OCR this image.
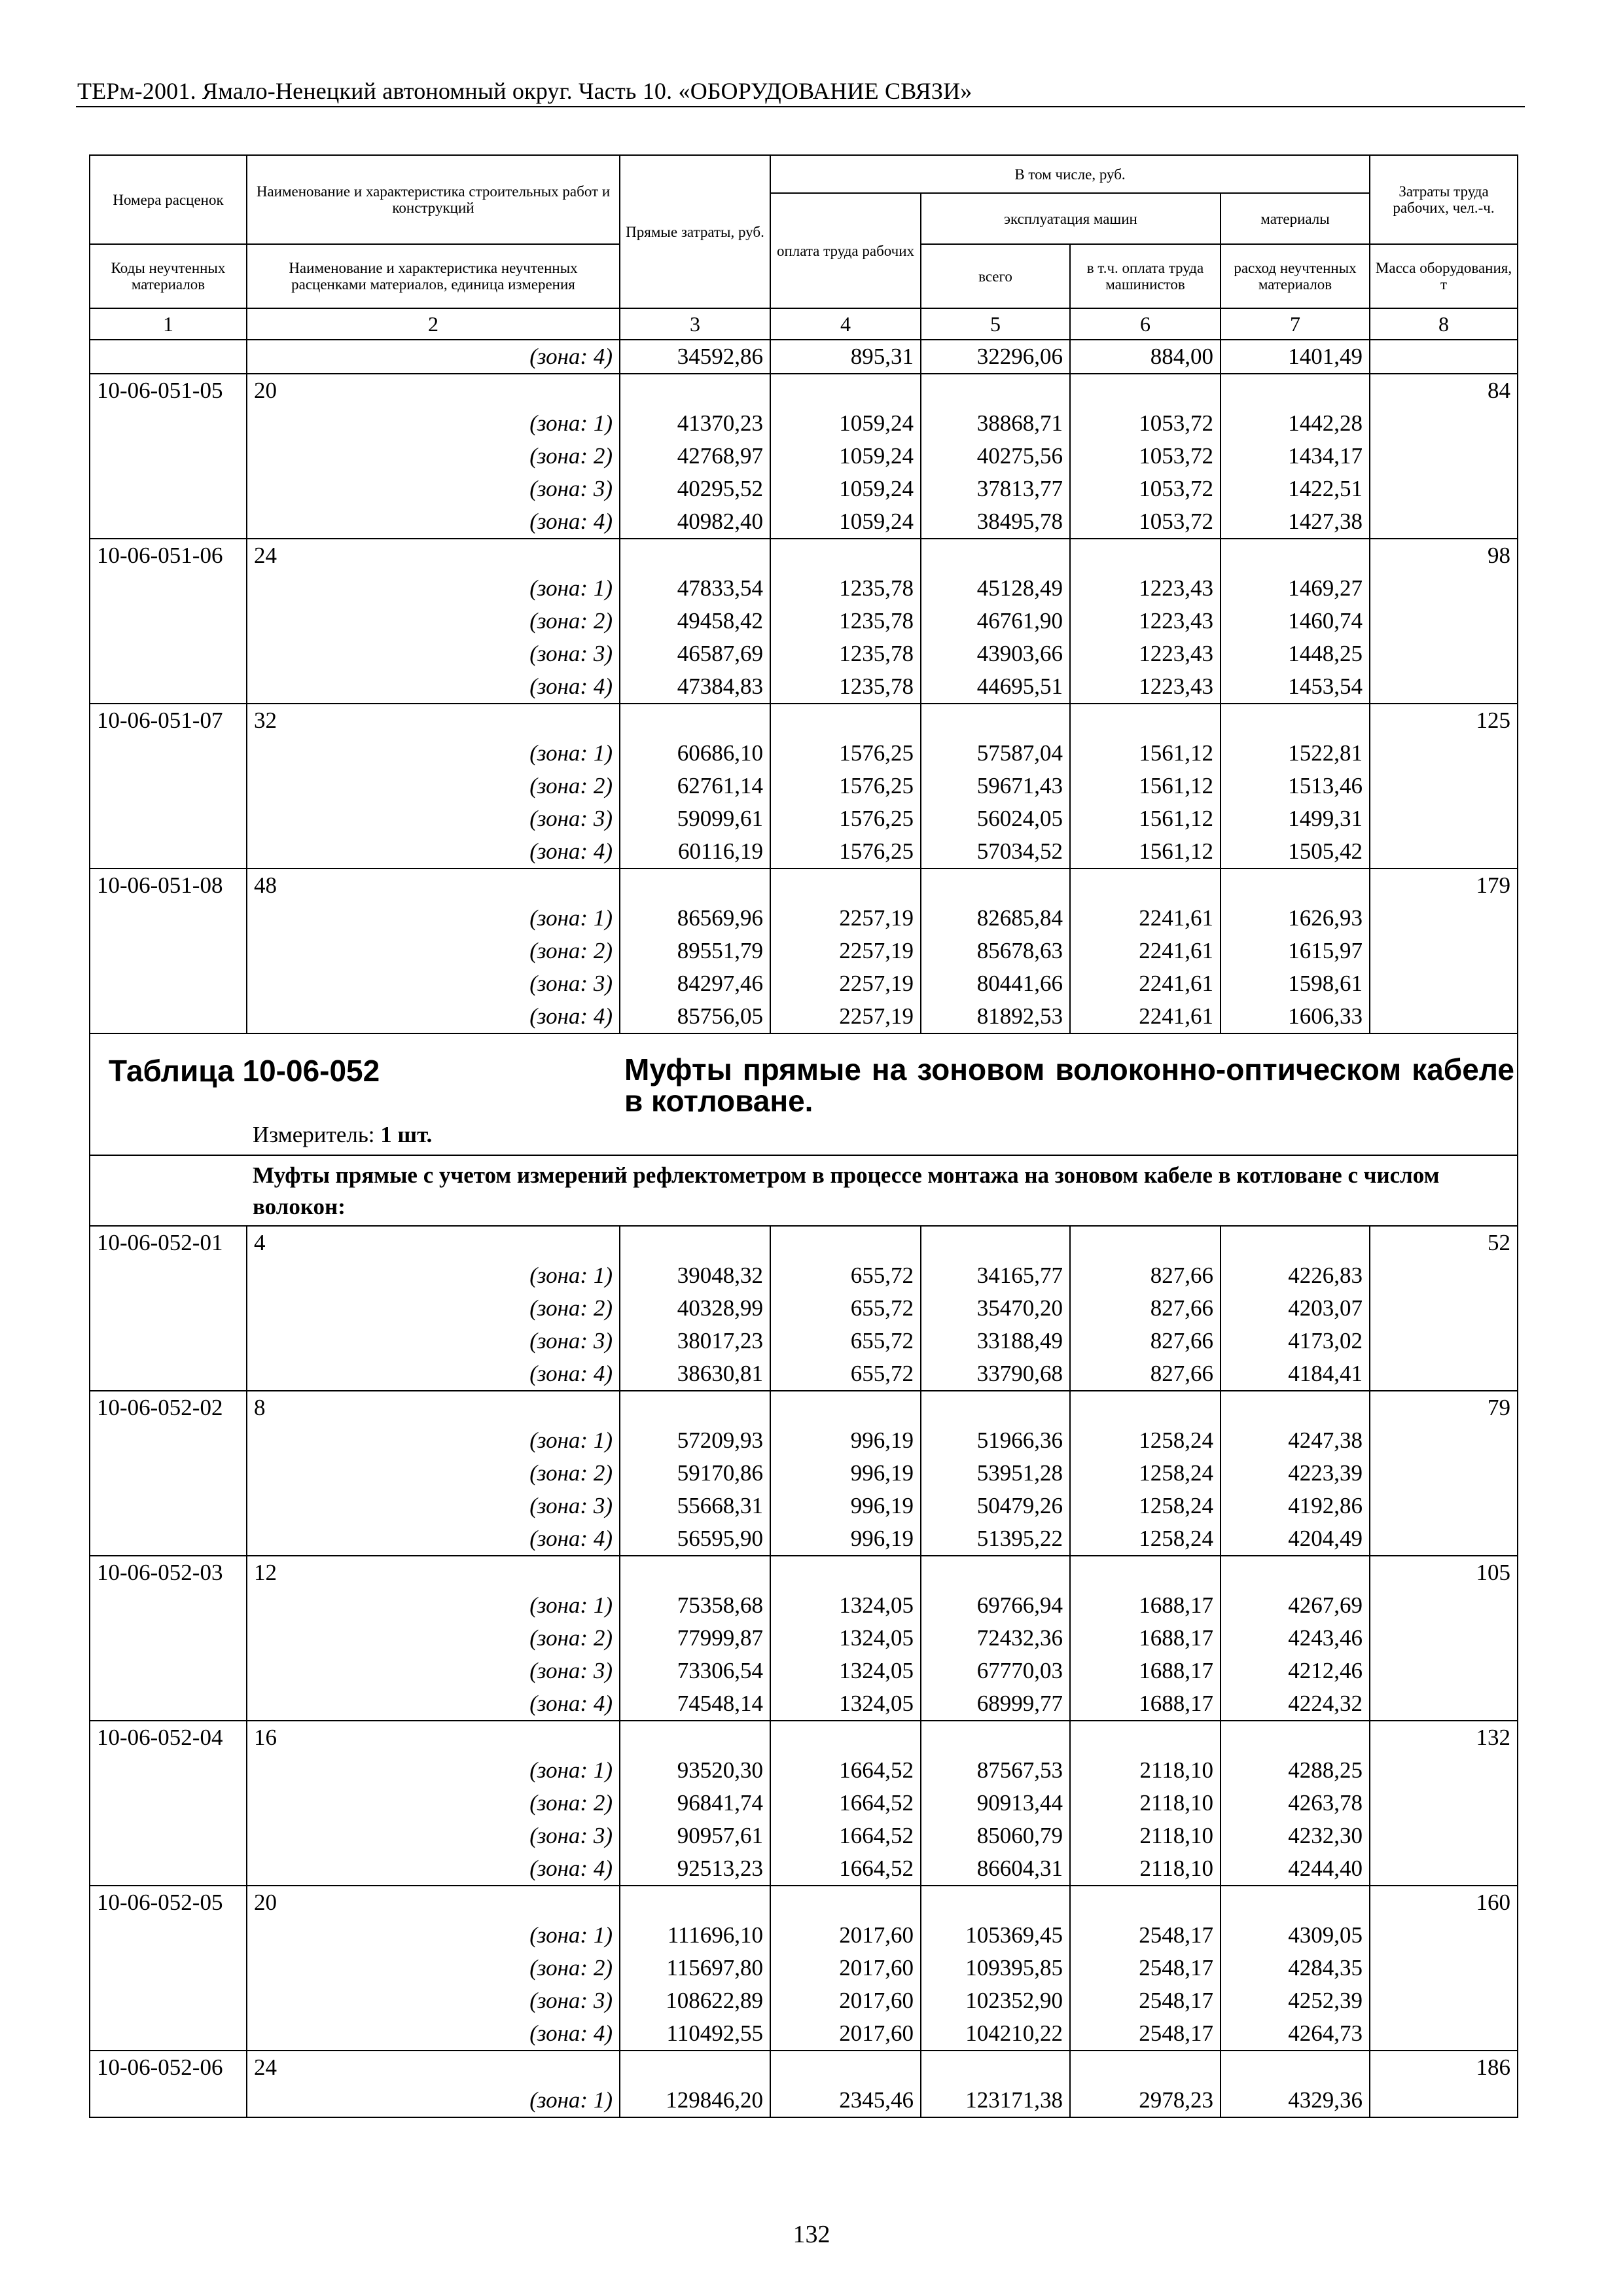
ТЕРм-2001. Ямало-Ненецкий автономный округ. Часть 10. «ОБОРУДОВАНИЕ СВЯЗИ»
Номера расценок	Наименование и характеристика строительных работ и конструкций	Прямые затраты, руб.	В том числе, руб.				Затраты труда рабочих, чел.-ч.
			оплата труда рабочих	эксплуатация машин		материалы	
Коды неучтенных материалов	Наименование и характеристика неучтенных расценками материалов, единица измерения			всего	в т.ч. оплата труда машинистов	расход неучтенных материалов	
							Масса оборудования, т
1	2	3	4	5	6	7	8
	(зона: 4)	34592,86	895,31	32296,06	884,00	1401,49	
10-06-051-05	20						84
	(зона: 1)	41370,23	1059,24	38868,71	1053,72	1442,28	
	(зона: 2)	42768,97	1059,24	40275,56	1053,72	1434,17	
	(зона: 3)	40295,52	1059,24	37813,77	1053,72	1422,51	
	(зона: 4)	40982,40	1059,24	38495,78	1053,72	1427,38	
10-06-051-06	24						98
	(зона: 1)	47833,54	1235,78	45128,49	1223,43	1469,27	
	(зона: 2)	49458,42	1235,78	46761,90	1223,43	1460,74	
	(зона: 3)	46587,69	1235,78	43903,66	1223,43	1448,25	
	(зона: 4)	47384,83	1235,78	44695,51	1223,43	1453,54	
10-06-051-07	32						125
	(зона: 1)	60686,10	1576,25	57587,04	1561,12	1522,81	
	(зона: 2)	62761,14	1576,25	59671,43	1561,12	1513,46	
	(зона: 3)	59099,61	1576,25	56024,05	1561,12	1499,31	
	(зона: 4)	60116,19	1576,25	57034,52	1561,12	1505,42	
10-06-051-08	48						179
	(зона: 1)	86569,96	2257,19	82685,84	2241,61	1626,93	
	(зона: 2)	89551,79	2257,19	85678,63	2241,61	1615,97	
	(зона: 3)	84297,46	2257,19	80441,66	2241,61	1598,61	
	(зона: 4)	85756,05	2257,19	81892,53	2241,61	1606,33	

Таблица 10-06-052 Муфты прямые на зоновом волоконно-оптическом кабеле в котловане.
Измеритель: 1 шт.							

Муфты прямые с учетом измерений рефлектометром в процессе монтажа на зоновом кабеле в котловане с числом волокон:							
10-06-052-01	4						52
	(зона: 1)	39048,32	655,72	34165,77	827,66	4226,83	
	(зона: 2)	40328,99	655,72	35470,20	827,66	4203,07	
	(зона: 3)	38017,23	655,72	33188,49	827,66	4173,02	
	(зона: 4)	38630,81	655,72	33790,68	827,66	4184,41	
10-06-052-02	8						79
	(зона: 1)	57209,93	996,19	51966,36	1258,24	4247,38	
	(зона: 2)	59170,86	996,19	53951,28	1258,24	4223,39	
	(зона: 3)	55668,31	996,19	50479,26	1258,24	4192,86	
	(зона: 4)	56595,90	996,19	51395,22	1258,24	4204,49	
10-06-052-03	12						105
	(зона: 1)	75358,68	1324,05	69766,94	1688,17	4267,69	
	(зона: 2)	77999,87	1324,05	72432,36	1688,17	4243,46	
	(зона: 3)	73306,54	1324,05	67770,03	1688,17	4212,46	
	(зона: 4)	74548,14	1324,05	68999,77	1688,17	4224,32	
10-06-052-04	16						132
	(зона: 1)	93520,30	1664,52	87567,53	2118,10	4288,25	
	(зона: 2)	96841,74	1664,52	90913,44	2118,10	4263,78	
	(зона: 3)	90957,61	1664,52	85060,79	2118,10	4232,30	
	(зона: 4)	92513,23	1664,52	86604,31	2118,10	4244,40	
10-06-052-05	20						160
	(зона: 1)	111696,10	2017,60	105369,45	2548,17	4309,05	
	(зона: 2)	115697,80	2017,60	109395,85	2548,17	4284,35	
	(зона: 3)	108622,89	2017,60	102352,90	2548,17	4252,39	
	(зона: 4)	110492,55	2017,60	104210,22	2548,17	4264,73	
10-06-052-06	24						186
	(зона: 1)	129846,20	2345,46	123171,38	2978,23	4329,36	
132
